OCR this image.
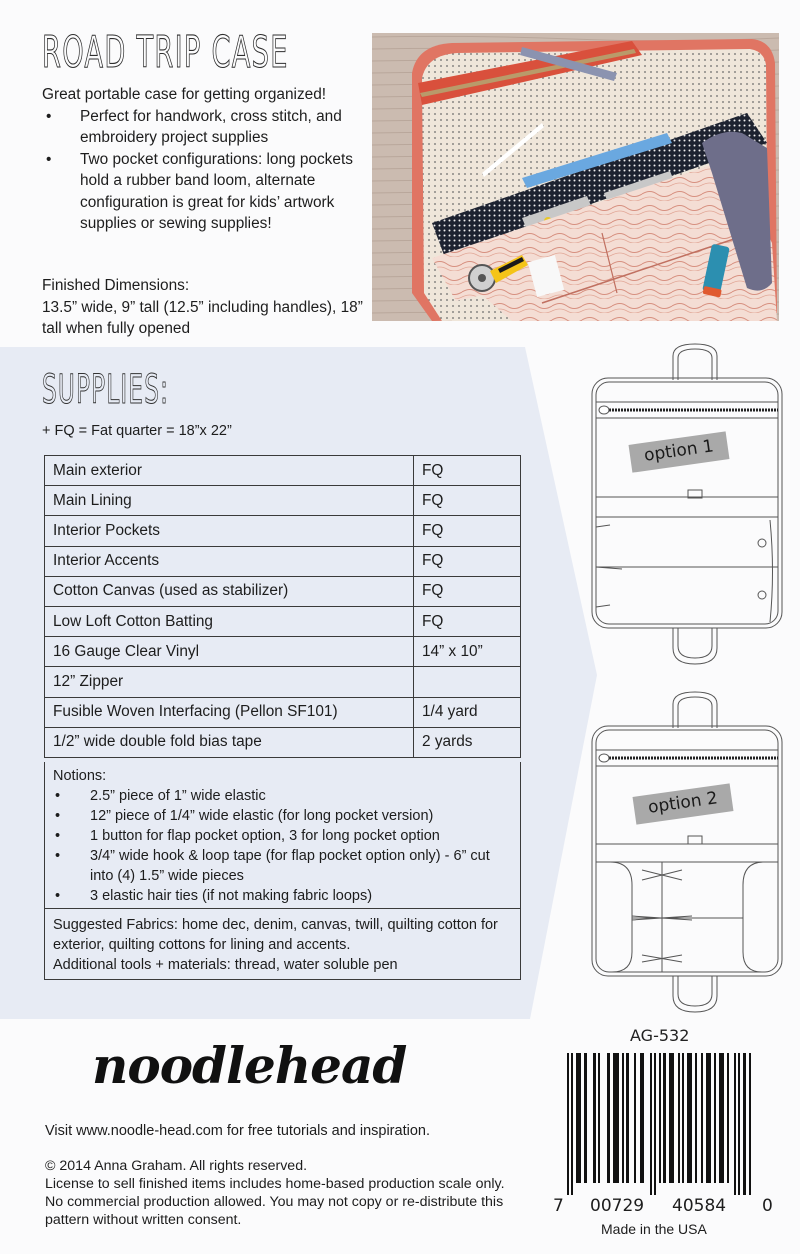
ROAD TRIP CASE
Great portable case for getting organized!
• Perfect for handwork, cross stitch, and embroidery project supplies
• Two pocket configurations: long pockets hold a rubber band loom, alternate configuration is great for kids’ artwork supplies or sewing supplies!
Finished Dimensions:
13.5” wide, 9” tall (12.5” including handles), 18” tall when fully opened
SUPPLIES:
+ FQ = Fat quarter = 18”x 22”
Main exterior	FQ
Main Lining	FQ
Interior Pockets	FQ
Interior Accents	FQ
Cotton Canvas (used as stabilizer)	FQ
Low Loft Cotton Batting	FQ
16 Gauge Clear Vinyl	14” x 10”
12” Zipper	
Fusible Woven Interfacing (Pellon SF101)	1/4 yard
1/2” wide double fold bias tape	2 yards
Notions:
• 2.5” piece of 1” wide elastic
• 12” piece of 1/4” wide elastic (for long pocket version)
• 1 button for flap pocket option, 3 for long pocket option
• 3/4” wide hook & loop tape (for flap pocket option only) - 6” cut into (4) 1.5” wide pieces
• 3 elastic hair ties (if not making fabric loops)
Suggested Fabrics: home dec, denim, canvas, twill, quilting cotton for exterior, quilting cottons for lining and accents.
Additional tools + materials: thread, water soluble pen
option 1
option 2
noodlehead
Visit www.noodle-head.com for free tutorials and inspiration.
© 2014 Anna Graham. All rights reserved.
License to sell finished items includes home-based production scale only. No commercial production allowed. You may not copy or re-distribute this pattern without written consent.
AG-532
7 00729 40584 0
Made in the USA
